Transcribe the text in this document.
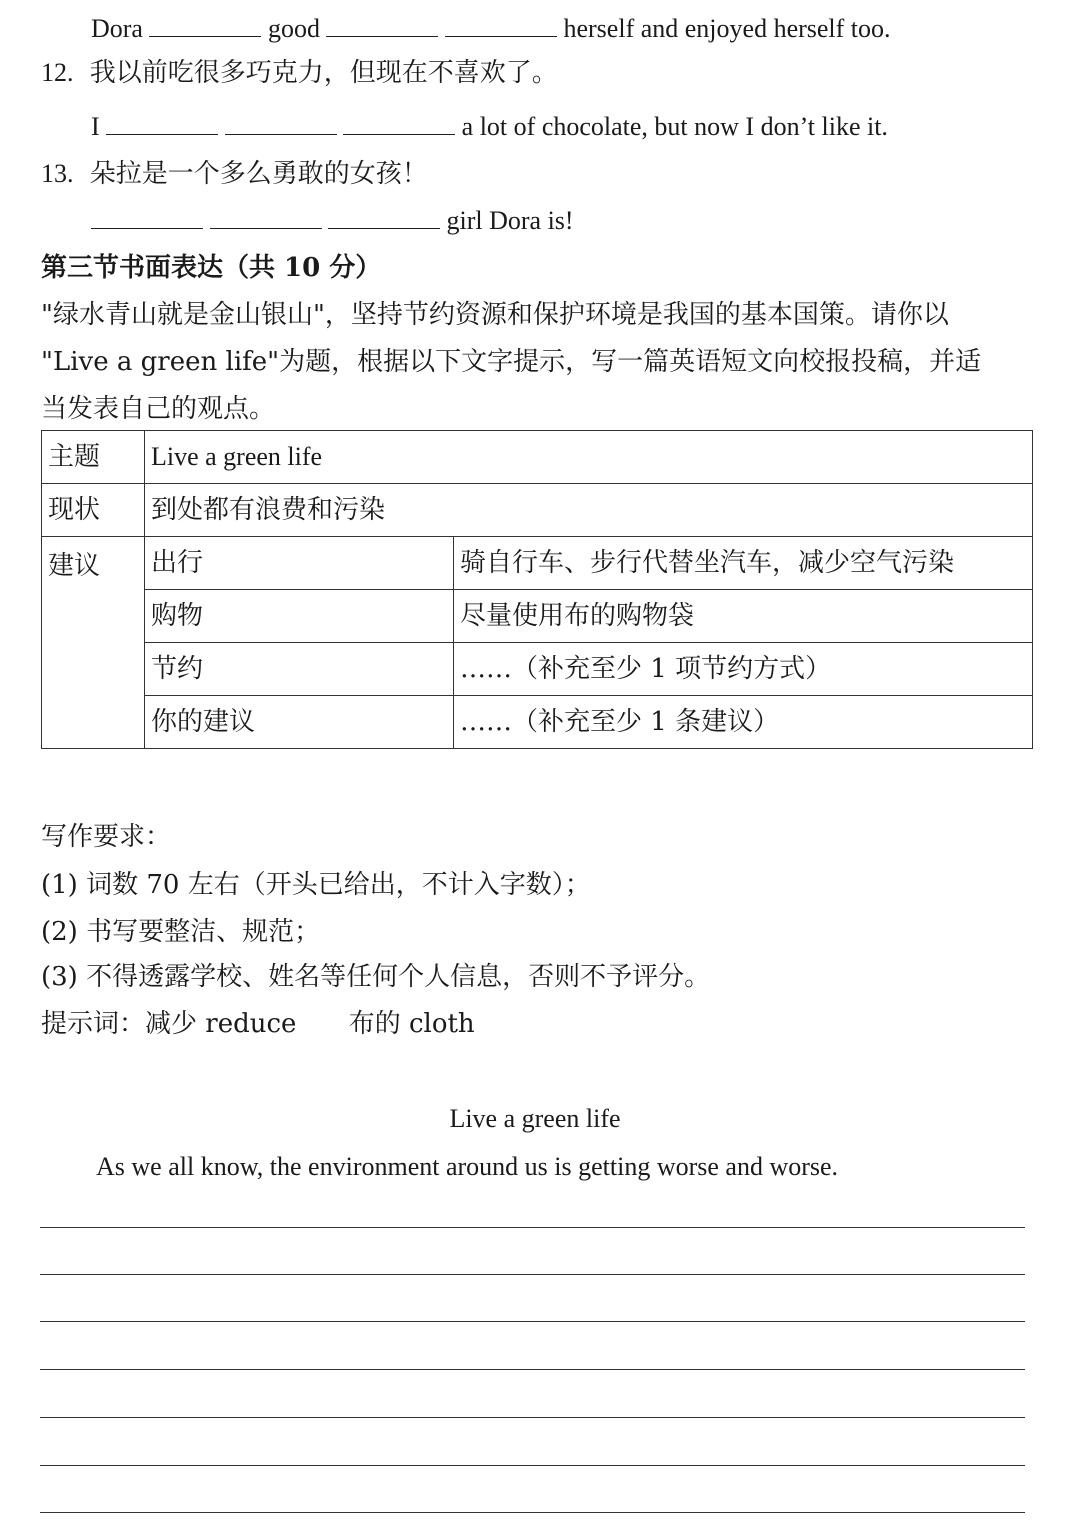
Dora	good	herself and enjoyed herself too.
12. 我以前吃很多巧克力，但现在不喜欢了。
I	a lot of chocolate, but now I don’t like it.
13. 朵拉是一个多么勇敢的女孩！
girl Dora is!
第三节书面表达（共 10 分）
"绿水青山就是金山银山"，坚持节约资源和保护环境是我国的基本国策。请你以
"Live a green life"为题，根据以下文字提示，写一篇英语短文向校报投稿，并适
当发表自己的观点。
主题	Live a green life	
现状	到处都有浪费和污染	
建议	出行	骑自行车、步行代替坐汽车，减少空气污染
	购物	尽量使用布的购物袋
	节约	……（补充至少 1 项节约方式）
	你的建议	……（补充至少 1 条建议）
写作要求：
(1) 词数 70 左右（开头已给出，不计入字数）；
(2) 书写要整洁、规范；
(3) 不得透露学校、姓名等任何个人信息，否则不予评分。
提示词：减少 reduce 布的 cloth
Live a green life
As we all know, the environment around us is getting worse and worse.
